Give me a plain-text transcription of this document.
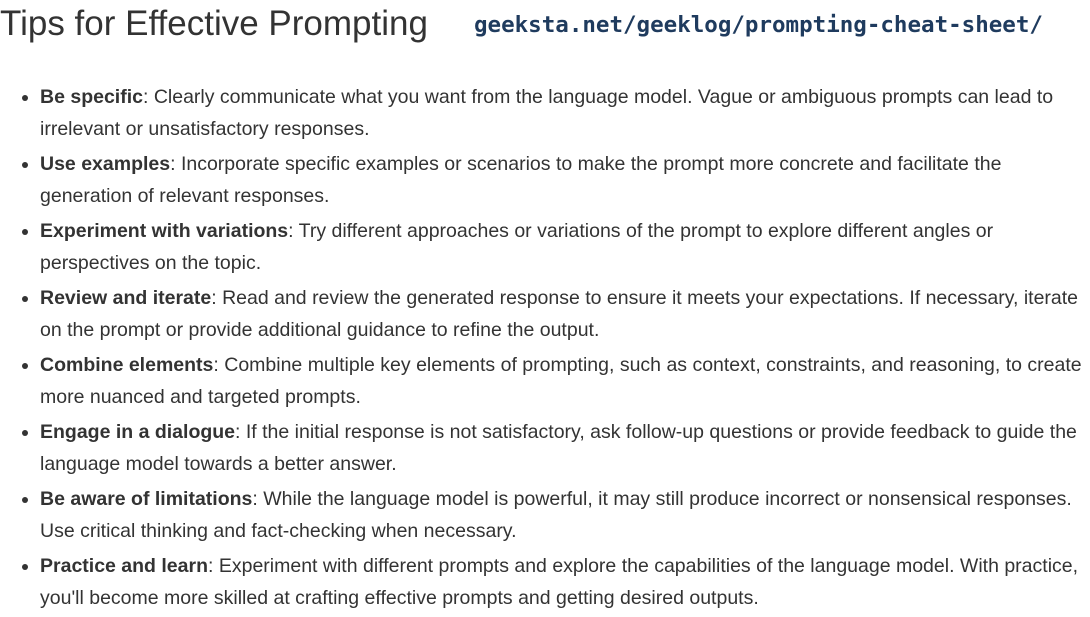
Tips for Effective Prompting geeksta.net/geeklog/prompting-cheat-sheet/
• Be specific: Clearly communicate what you want from the language model. Vague or ambiguous prompts can lead to irrelevant or unsatisfactory responses.
• Use examples: Incorporate specific examples or scenarios to make the prompt more concrete and facilitate the generation of relevant responses.
• Experiment with variations: Try different approaches or variations of the prompt to explore different angles or perspectives on the topic.
• Review and iterate: Read and review the generated response to ensure it meets your expectations. If necessary, iterate on the prompt or provide additional guidance to refine the output.
• Combine elements: Combine multiple key elements of prompting, such as context, constraints, and reasoning, to create more nuanced and targeted prompts.
• Engage in a dialogue: If the initial response is not satisfactory, ask follow-up questions or provide feedback to guide the language model towards a better answer.
• Be aware of limitations: While the language model is powerful, it may still produce incorrect or nonsensical responses. Use critical thinking and fact-checking when necessary.
• Practice and learn: Experiment with different prompts and explore the capabilities of the language model. With practice, you'll become more skilled at crafting effective prompts and getting desired outputs.
